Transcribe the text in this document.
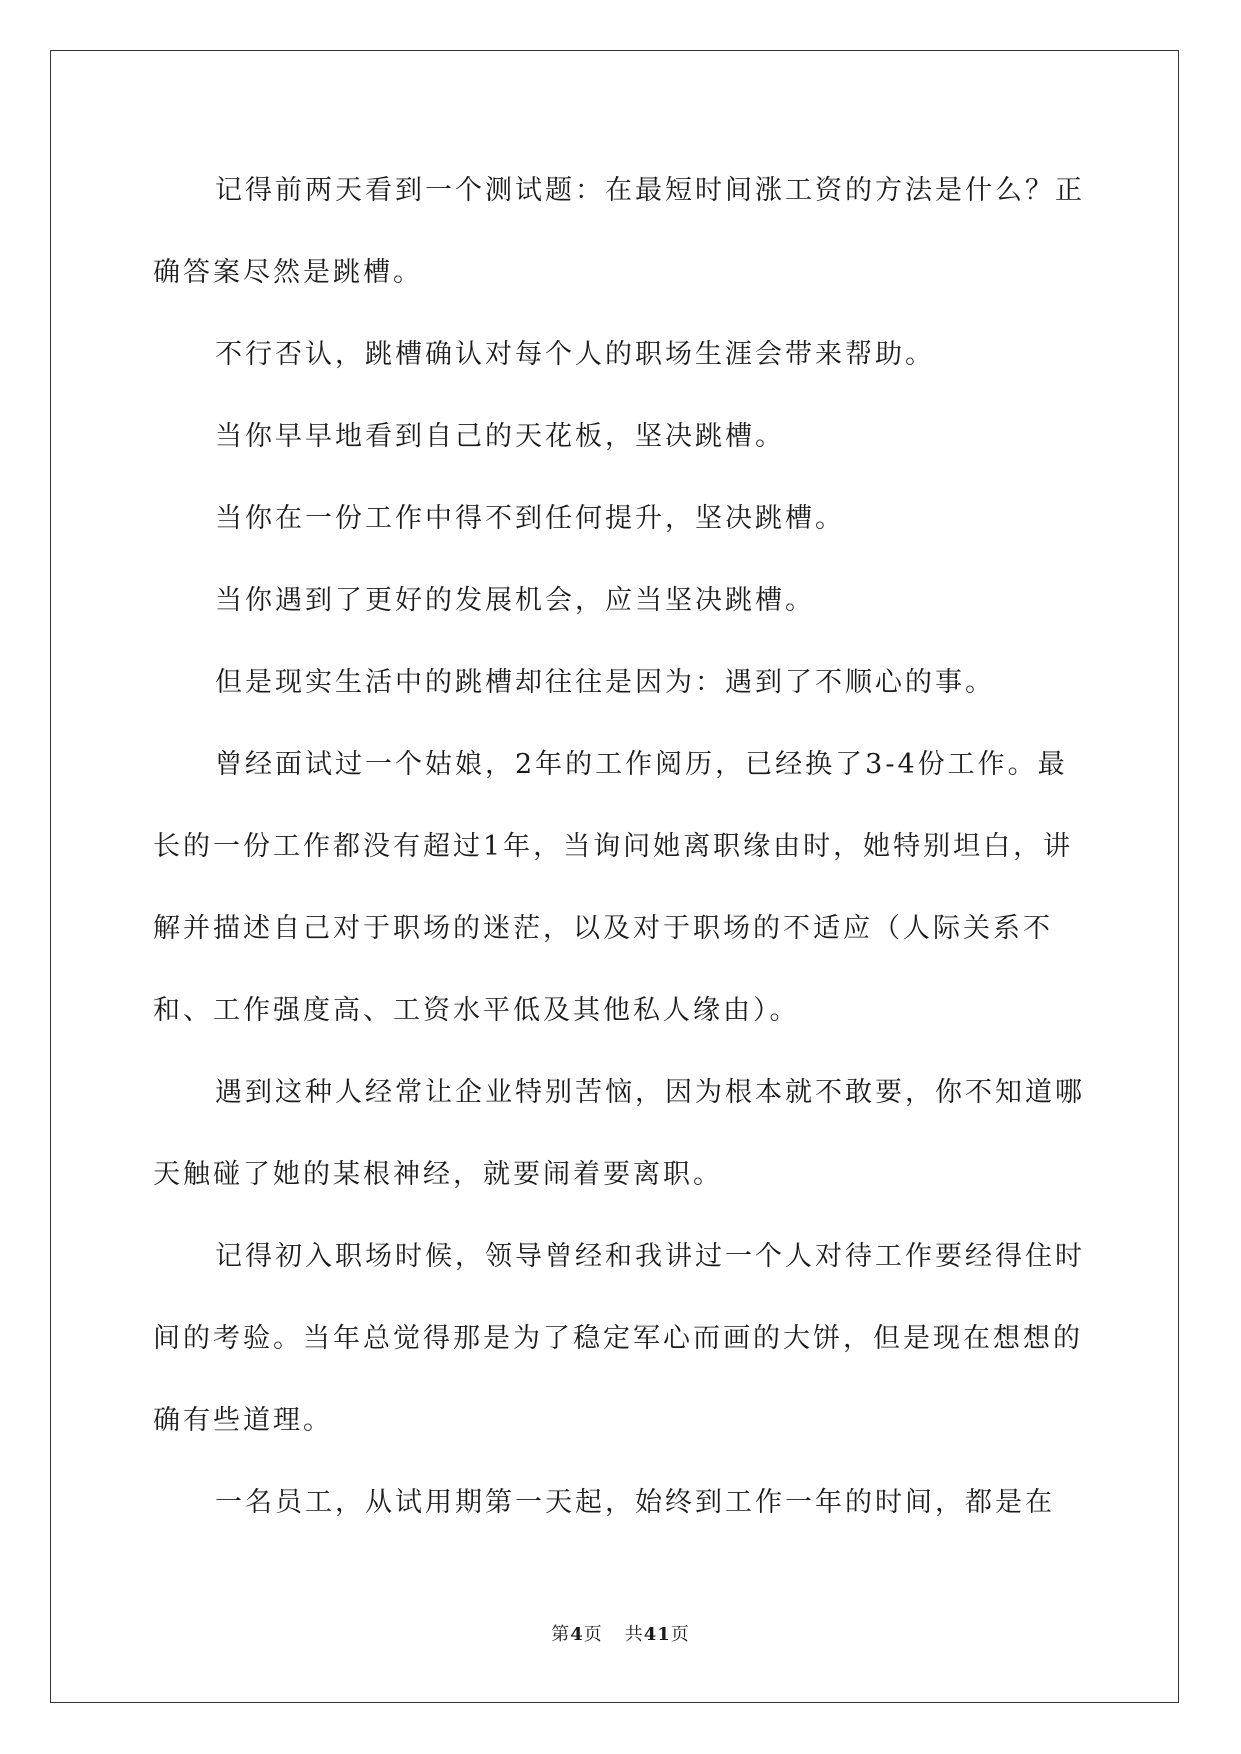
记得前两天看到一个测试题：在最短时间涨工资的方法是什么？正确答案尽然是跳槽。

不行否认，跳槽确认对每个人的职场生涯会带来帮助。

当你早早地看到自己的天花板，坚决跳槽。

当你在一份工作中得不到任何提升，坚决跳槽。

当你遇到了更好的发展机会，应当坚决跳槽。

但是现实生活中的跳槽却往往是因为：遇到了不顺心的事。

曾经面试过一个姑娘，2年的工作阅历，已经换了3-4份工作。最长的一份工作都没有超过1年，当询问她离职缘由时，她特别坦白，讲解并描述自己对于职场的迷茫，以及对于职场的不适应（人际关系不和、工作强度高、工资水平低及其他私人缘由）。

遇到这种人经常让企业特别苦恼，因为根本就不敢要，你不知道哪天触碰了她的某根神经，就要闹着要离职。

记得初入职场时候，领导曾经和我讲过一个人对待工作要经得住时间的考验。当年总觉得那是为了稳定军心而画的大饼，但是现在想想的确有些道理。

一名员工，从试用期第一天起，始终到工作一年的时间，都是在

第4页 共41页
